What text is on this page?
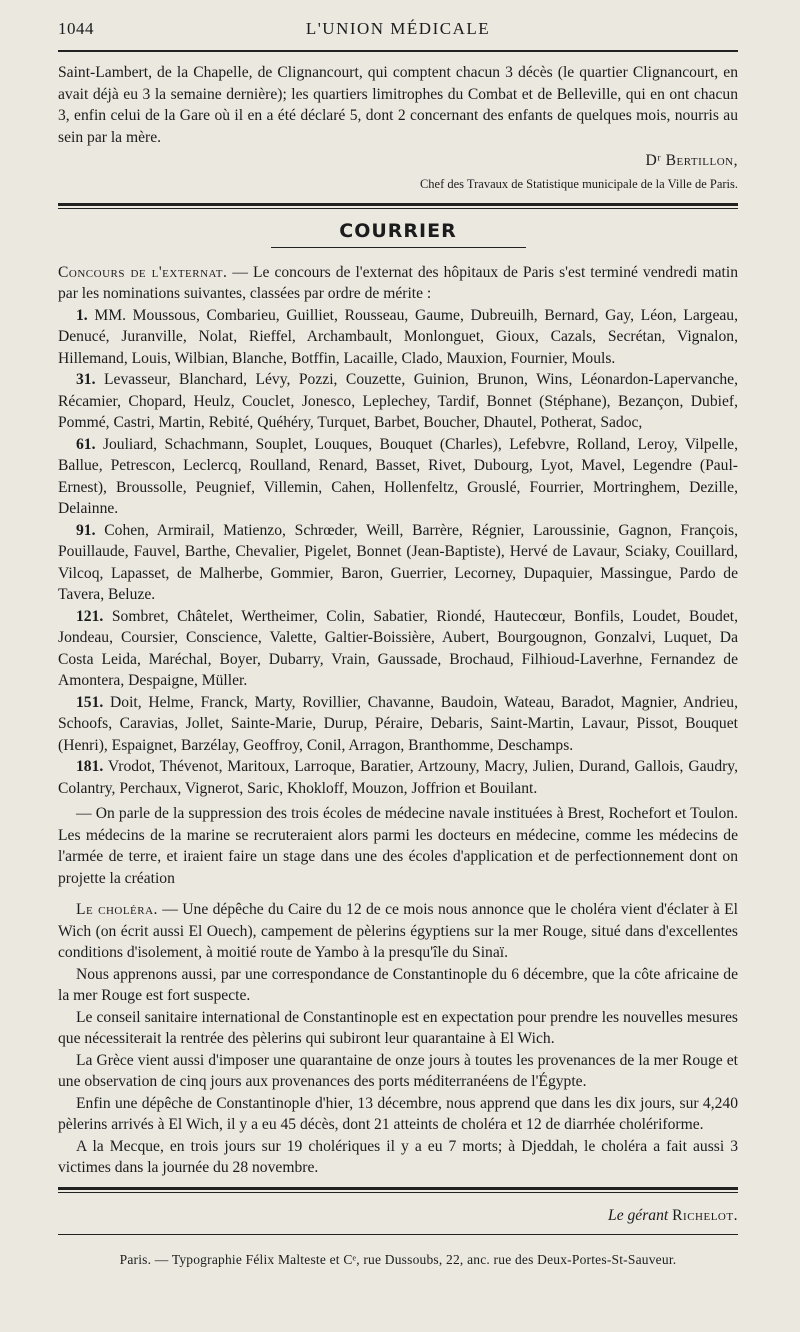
1044	L'UNION MÉDICALE

Saint-Lambert, de la Chapelle, de Clignancourt, qui comptent chacun 3 décès (le quartier Clignancourt, en avait déjà eu 3 la semaine dernière); les quartiers limitrophes du Combat et de Belleville, qui en ont chacun 3, enfin celui de la Gare où il en a été déclaré 5, dont 2 concernant des enfants de quelques mois, nourris au sein par la mère.

Dʳ Bertillon,

Chef des Travaux de Statistique municipale de la Ville de Paris.

COURRIER

Concours de l'externat. — Le concours de l'externat des hôpitaux de Paris s'est terminé vendredi matin par les nominations suivantes, classées par ordre de mérite :

1. MM. Moussous, Combarieu, Guilliet, Rousseau, Gaume, Dubreuilh, Bernard, Gay, Léon, Largeau, Denucé, Juranville, Nolat, Rieffel, Archambault, Monlonguet, Gioux, Cazals, Secrétan, Vignalon, Hillemand, Louis, Wilbian, Blanche, Botffin, Lacaille, Clado, Mauxion, Fournier, Mouls.

31. Levasseur, Blanchard, Lévy, Pozzi, Couzette, Guinion, Brunon, Wins, Léonardon-Lapervanche, Récamier, Chopard, Heulz, Couclet, Jonesco, Leplechey, Tardif, Bonnet (Stéphane), Bezançon, Dubief, Pommé, Castri, Martin, Rebité, Quéhéry, Turquet, Barbet, Boucher, Dhautel, Potherat, Sadoc,

61. Jouliard, Schachmann, Souplet, Louques, Bouquet (Charles), Lefebvre, Rolland, Leroy, Vilpelle, Ballue, Petrescon, Leclercq, Roulland, Renard, Basset, Rivet, Dubourg, Lyot, Mavel, Legendre (Paul-Ernest), Broussolle, Peugnief, Villemin, Cahen, Hollenfeltz, Grouslé, Fourrier, Mortringhem, Dezille, Delainne.

91. Cohen, Armirail, Matienzo, Schrœder, Weill, Barrère, Régnier, Laroussinie, Gagnon, François, Pouillaude, Fauvel, Barthe, Chevalier, Pigelet, Bonnet (Jean-Baptiste), Hervé de Lavaur, Sciaky, Couillard, Vilcoq, Lapasset, de Malherbe, Gommier, Baron, Guerrier, Lecorney, Dupaquier, Massingue, Pardo de Tavera, Beluze.

121. Sombret, Châtelet, Wertheimer, Colin, Sabatier, Riondé, Hautecœur, Bonfils, Loudet, Boudet, Jondeau, Coursier, Conscience, Valette, Galtier-Boissière, Aubert, Bourgougnon, Gonzalvi, Luquet, Da Costa Leida, Maréchal, Boyer, Dubarry, Vrain, Gaussade, Brochaud, Filhioud-Laverhne, Fernandez de Amontera, Despaigne, Müller.

151. Doit, Helme, Franck, Marty, Rovillier, Chavanne, Baudoin, Wateau, Baradot, Magnier, Andrieu, Schoofs, Caravias, Jollet, Sainte-Marie, Durup, Péraire, Debaris, Saint-Martin, Lavaur, Pissot, Bouquet (Henri), Espaignet, Barzélay, Geoffroy, Conil, Arragon, Branthomme, Deschamps.

181. Vrodot, Thévenot, Maritoux, Larroque, Baratier, Artzouny, Macry, Julien, Durand, Gallois, Gaudry, Colantry, Perchaux, Vignerot, Saric, Khokloff, Mouzon, Joffrion et Bouilant.

— On parle de la suppression des trois écoles de médecine navale instituées à Brest, Rochefort et Toulon. Les médecins de la marine se recruteraient alors parmi les docteurs en médecine, comme les médecins de l'armée de terre, et iraient faire un stage dans une des écoles d'application et de perfectionnement dont on projette la création

Le choléra. — Une dépêche du Caire du 12 de ce mois nous annonce que le choléra vient d'éclater à El Wich (on écrit aussi El Ouech), campement de pèlerins égyptiens sur la mer Rouge, situé dans d'excellentes conditions d'isolement, à moitié route de Yambo à la presqu'île du Sinaï.

Nous apprenons aussi, par une correspondance de Constantinople du 6 décembre, que la côte africaine de la mer Rouge est fort suspecte.

Le conseil sanitaire international de Constantinople est en expectation pour prendre les nouvelles mesures que nécessiterait la rentrée des pèlerins qui subiront leur quarantaine à El Wich.

La Grèce vient aussi d'imposer une quarantaine de onze jours à toutes les provenances de la mer Rouge et une observation de cinq jours aux provenances des ports méditerranéens de l'Égypte.

Enfin une dépêche de Constantinople d'hier, 13 décembre, nous apprend que dans les dix jours, sur 4,240 pèlerins arrivés à El Wich, il y a eu 45 décès, dont 21 atteints de choléra et 12 de diarrhée cholériforme.

A la Mecque, en trois jours sur 19 cholériques il y a eu 7 morts; à Djeddah, le choléra a fait aussi 3 victimes dans la journée du 28 novembre.

Le gérant Richelot.

Paris. — Typographie Félix Malteste et Cᵉ, rue Dussoubs, 22, anc. rue des Deux-Portes-St-Sauveur.
